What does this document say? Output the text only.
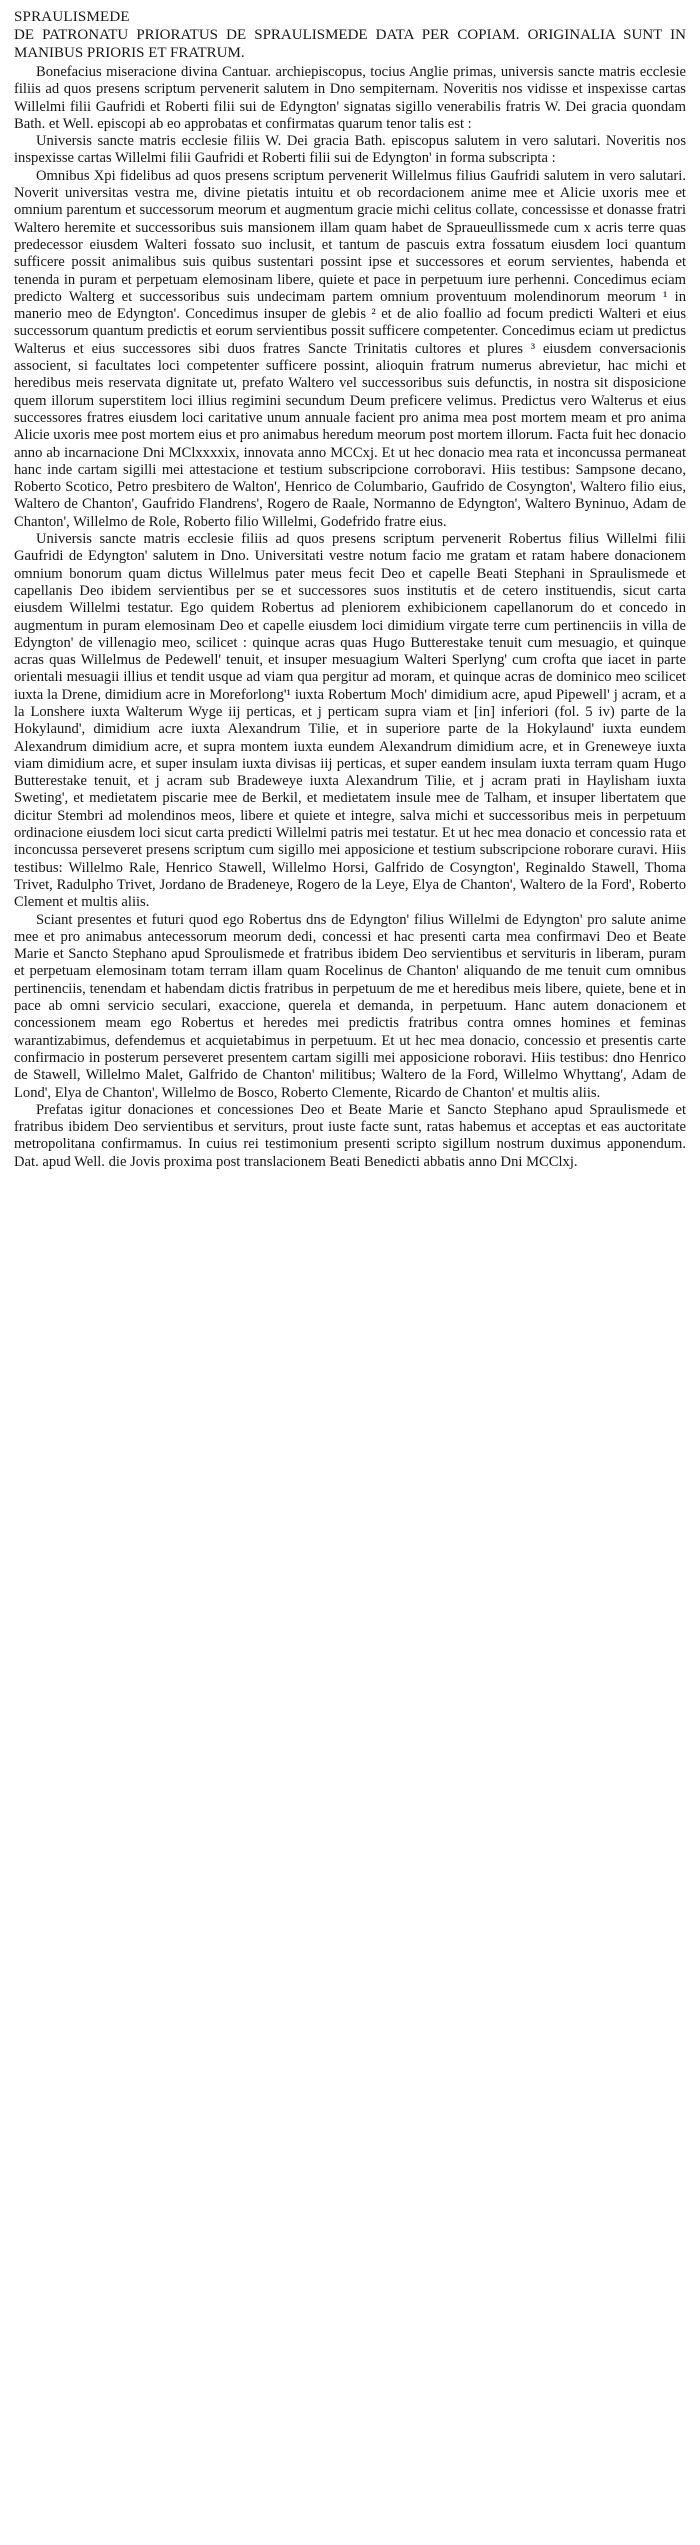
SPRAULISMEDE
DE PATRONATU PRIORATUS DE SPRAULISMEDE DATA PER COPIAM. ORIGINALIA SUNT IN MANIBUS PRIORIS ET FRATRUM.

Bonefacius miseracione divina Cantuar. archiepiscopus, tocius Anglie primas, universis sancte matris ecclesie filiis ad quos presens scriptum pervenerit salutem in Dno sempiternam. Noveritis nos vidisse et inspexisse cartas Willelmi filii Gaufridi et Roberti filii sui de Edyngton' signatas sigillo venerabilis fratris W. Dei gracia quondam Bath. et Well. episcopi ab eo approbatas et confirmatas quarum tenor talis est :

Universis sancte matris ecclesie filiis W. Dei gracia Bath. episcopus salutem in vero salutari. Noveritis nos inspexisse cartas Willelmi filii Gaufridi et Roberti filii sui de Edyngton' in forma subscripta :

Omnibus Xpi fidelibus ad quos presens scriptum pervenerit Willelmus filius Gaufridi salutem in vero salutari. Noverit universitas vestra me, divine pietatis intuitu et ob recordacionem anime mee et Alicie uxoris mee et omnium parentum et successorum meorum et augmentum gracie michi celitus collate, concessisse et donasse fratri Waltero heremite et successoribus suis mansionem illam quam habet de Spraueullissmede cum x acris terre quas predecessor eiusdem Walteri fossato suo inclusit, et tantum de pascuis extra fossatum eiusdem loci quantum sufficere possit animalibus suis quibus sustentari possint ipse et successores et eorum servientes, habenda et tenenda in puram et perpetuam elemosinam libere, quiete et pace in perpetuum iure perhenni. Concedimus eciam predicto Walterg et successoribus suis undecimam partem omnium proventuum molendinorum meorum ¹ in manerio meo de Edyngton'. Concedimus insuper de glebis ² et de alio foallio ad focum predicti Walteri et eius successorum quantum predictis et eorum servientibus possit sufficere competenter. Concedimus eciam ut predictus Walterus et eius successores sibi duos fratres Sancte Trinitatis cultores et plures ³ eiusdem conversacionis associent, si facultates loci competenter sufficere possint, alioquin fratrum numerus abrevietur, hac michi et heredibus meis reservata dignitate ut, prefato Waltero vel successoribus suis defunctis, in nostra sit disposicione quem illorum superstitem loci illius regimini secundum Deum preficere velimus. Predictus vero Walterus et eius successores fratres eiusdem loci caritative unum annuale facient pro anima mea post mortem meam et pro anima Alicie uxoris mee post mortem eius et pro animabus heredum meorum post mortem illorum. Facta fuit hec donacio anno ab incarnacione Dni MClxxxxix, innovata anno MCCxj. Et ut hec donacio mea rata et inconcussa permaneat hanc inde cartam sigilli mei attestacione et testium subscripcione corroboravi. Hiis testibus: Sampsone decano, Roberto Scotico, Petro presbitero de Walton', Henrico de Columbario, Gaufrido de Cosyngton', Waltero filio eius, Waltero de Chanton', Gaufrido Flandrens', Rogero de Raale, Normanno de Edyngton', Waltero Byninuo, Adam de Chanton', Willelmo de Role, Roberto filio Willelmi, Godefrido fratre eius.

Universis sancte matris ecclesie filiis ad quos presens scriptum pervenerit Robertus filius Willelmi filii Gaufridi de Edyngton' salutem in Dno. Universitati vestre notum facio me gratam et ratam habere donacionem omnium bonorum quam dictus Willelmus pater meus fecit Deo et capelle Beati Stephani in Spraulismede et capellanis Deo ibidem servientibus per se et successores suos institutis et de cetero instituendis, sicut carta eiusdem Willelmi testatur. Ego quidem Robertus ad pleniorem exhibicionem capellanorum do et concedo in augmentum in puram elemosinam Deo et capelle eiusdem loci dimidium virgate terre cum pertinenciis in villa de Edyngton' de villenagio meo, scilicet : quinque acras quas Hugo Butterestake tenuit cum mesuagio, et quinque acras quas Willelmus de Pedewell' tenuit, et insuper mesuagium Walteri Sperlyng' cum crofta que iacet in parte orientali mesuagii illius et tendit usque ad viam qua pergitur ad moram, et quinque acras de dominico meo scilicet iuxta la Drene, dimidium acre in Moreforlong'¹ iuxta Robertum Moch' dimidium acre, apud Pipewell' j acram, et a la Lonshere iuxta Walterum Wyge iij perticas, et j perticam supra viam et [in] inferiori (fol. 5 iv) parte de la Hokylaund', dimidium acre iuxta Alexandrum Tilie, et in superiore parte de la Hokylaund' iuxta eundem Alexandrum dimidium acre, et supra montem iuxta eundem Alexandrum dimidium acre, et in Greneweye iuxta viam dimidium acre, et super insulam iuxta divisas iij perticas, et super eandem insulam iuxta terram quam Hugo Butterestake tenuit, et j acram sub Bradeweye iuxta Alexandrum Tilie, et j acram prati in Haylisham iuxta Sweting', et medietatem piscarie mee de Berkil, et medietatem insule mee de Talham, et insuper libertatem que dicitur Stembri ad molendinos meos, libere et quiete et integre, salva michi et successoribus meis in perpetuum ordinacione eiusdem loci sicut carta predicti Willelmi patris mei testatur. Et ut hec mea donacio et concessio rata et inconcussa perseveret presens scriptum cum sigillo mei apposicione et testium subscripcione roborare curavi. Hiis testibus: Willelmo Rale, Henrico Stawell, Willelmo Horsi, Galfrido de Cosyngton', Reginaldo Stawell, Thoma Trivet, Radulpho Trivet, Jordano de Bradeneye, Rogero de la Leye, Elya de Chanton', Waltero de la Ford', Roberto Clement et multis aliis.

Sciant presentes et futuri quod ego Robertus dns de Edyngton' filius Willelmi de Edyngton' pro salute anime mee et pro animabus antecessorum meorum dedi, concessi et hac presenti carta mea confirmavi Deo et Beate Marie et Sancto Stephano apud Sproulismede et fratribus ibidem Deo servientibus et servituris in liberam, puram et perpetuam elemosinam totam terram illam quam Rocelinus de Chanton' aliquando de me tenuit cum omnibus pertinenciis, tenendam et habendam dictis fratribus in perpetuum de me et heredibus meis libere, quiete, bene et in pace ab omni servicio seculari, exaccione, querela et demanda, in perpetuum. Hanc autem donacionem et concessionem meam ego Robertus et heredes mei predictis fratribus contra omnes homines et feminas warantizabimus, defendemus et acquietabimus in perpetuum. Et ut hec mea donacio, concessio et presentis carte confirmacio in posterum perseveret presentem cartam sigilli mei apposicione roboravi. Hiis testibus: dno Henrico de Stawell, Willelmo Malet, Galfrido de Chanton' militibus; Waltero de la Ford, Willelmo Whyttang', Adam de Lond', Elya de Chanton', Willelmo de Bosco, Roberto Clemente, Ricardo de Chanton' et multis aliis.

Prefatas igitur donaciones et concessiones Deo et Beate Marie et Sancto Stephano apud Spraulismede et fratribus ibidem Deo servientibus et serviturs, prout iuste facte sunt, ratas habemus et acceptas et eas auctoritate metropolitana confirmamus. In cuius rei testimonium presenti scripto sigillum nostrum duximus apponendum. Dat. apud Well. die Jovis proxima post translacionem Beati Benedicti abbatis anno Dni MCClxj.
